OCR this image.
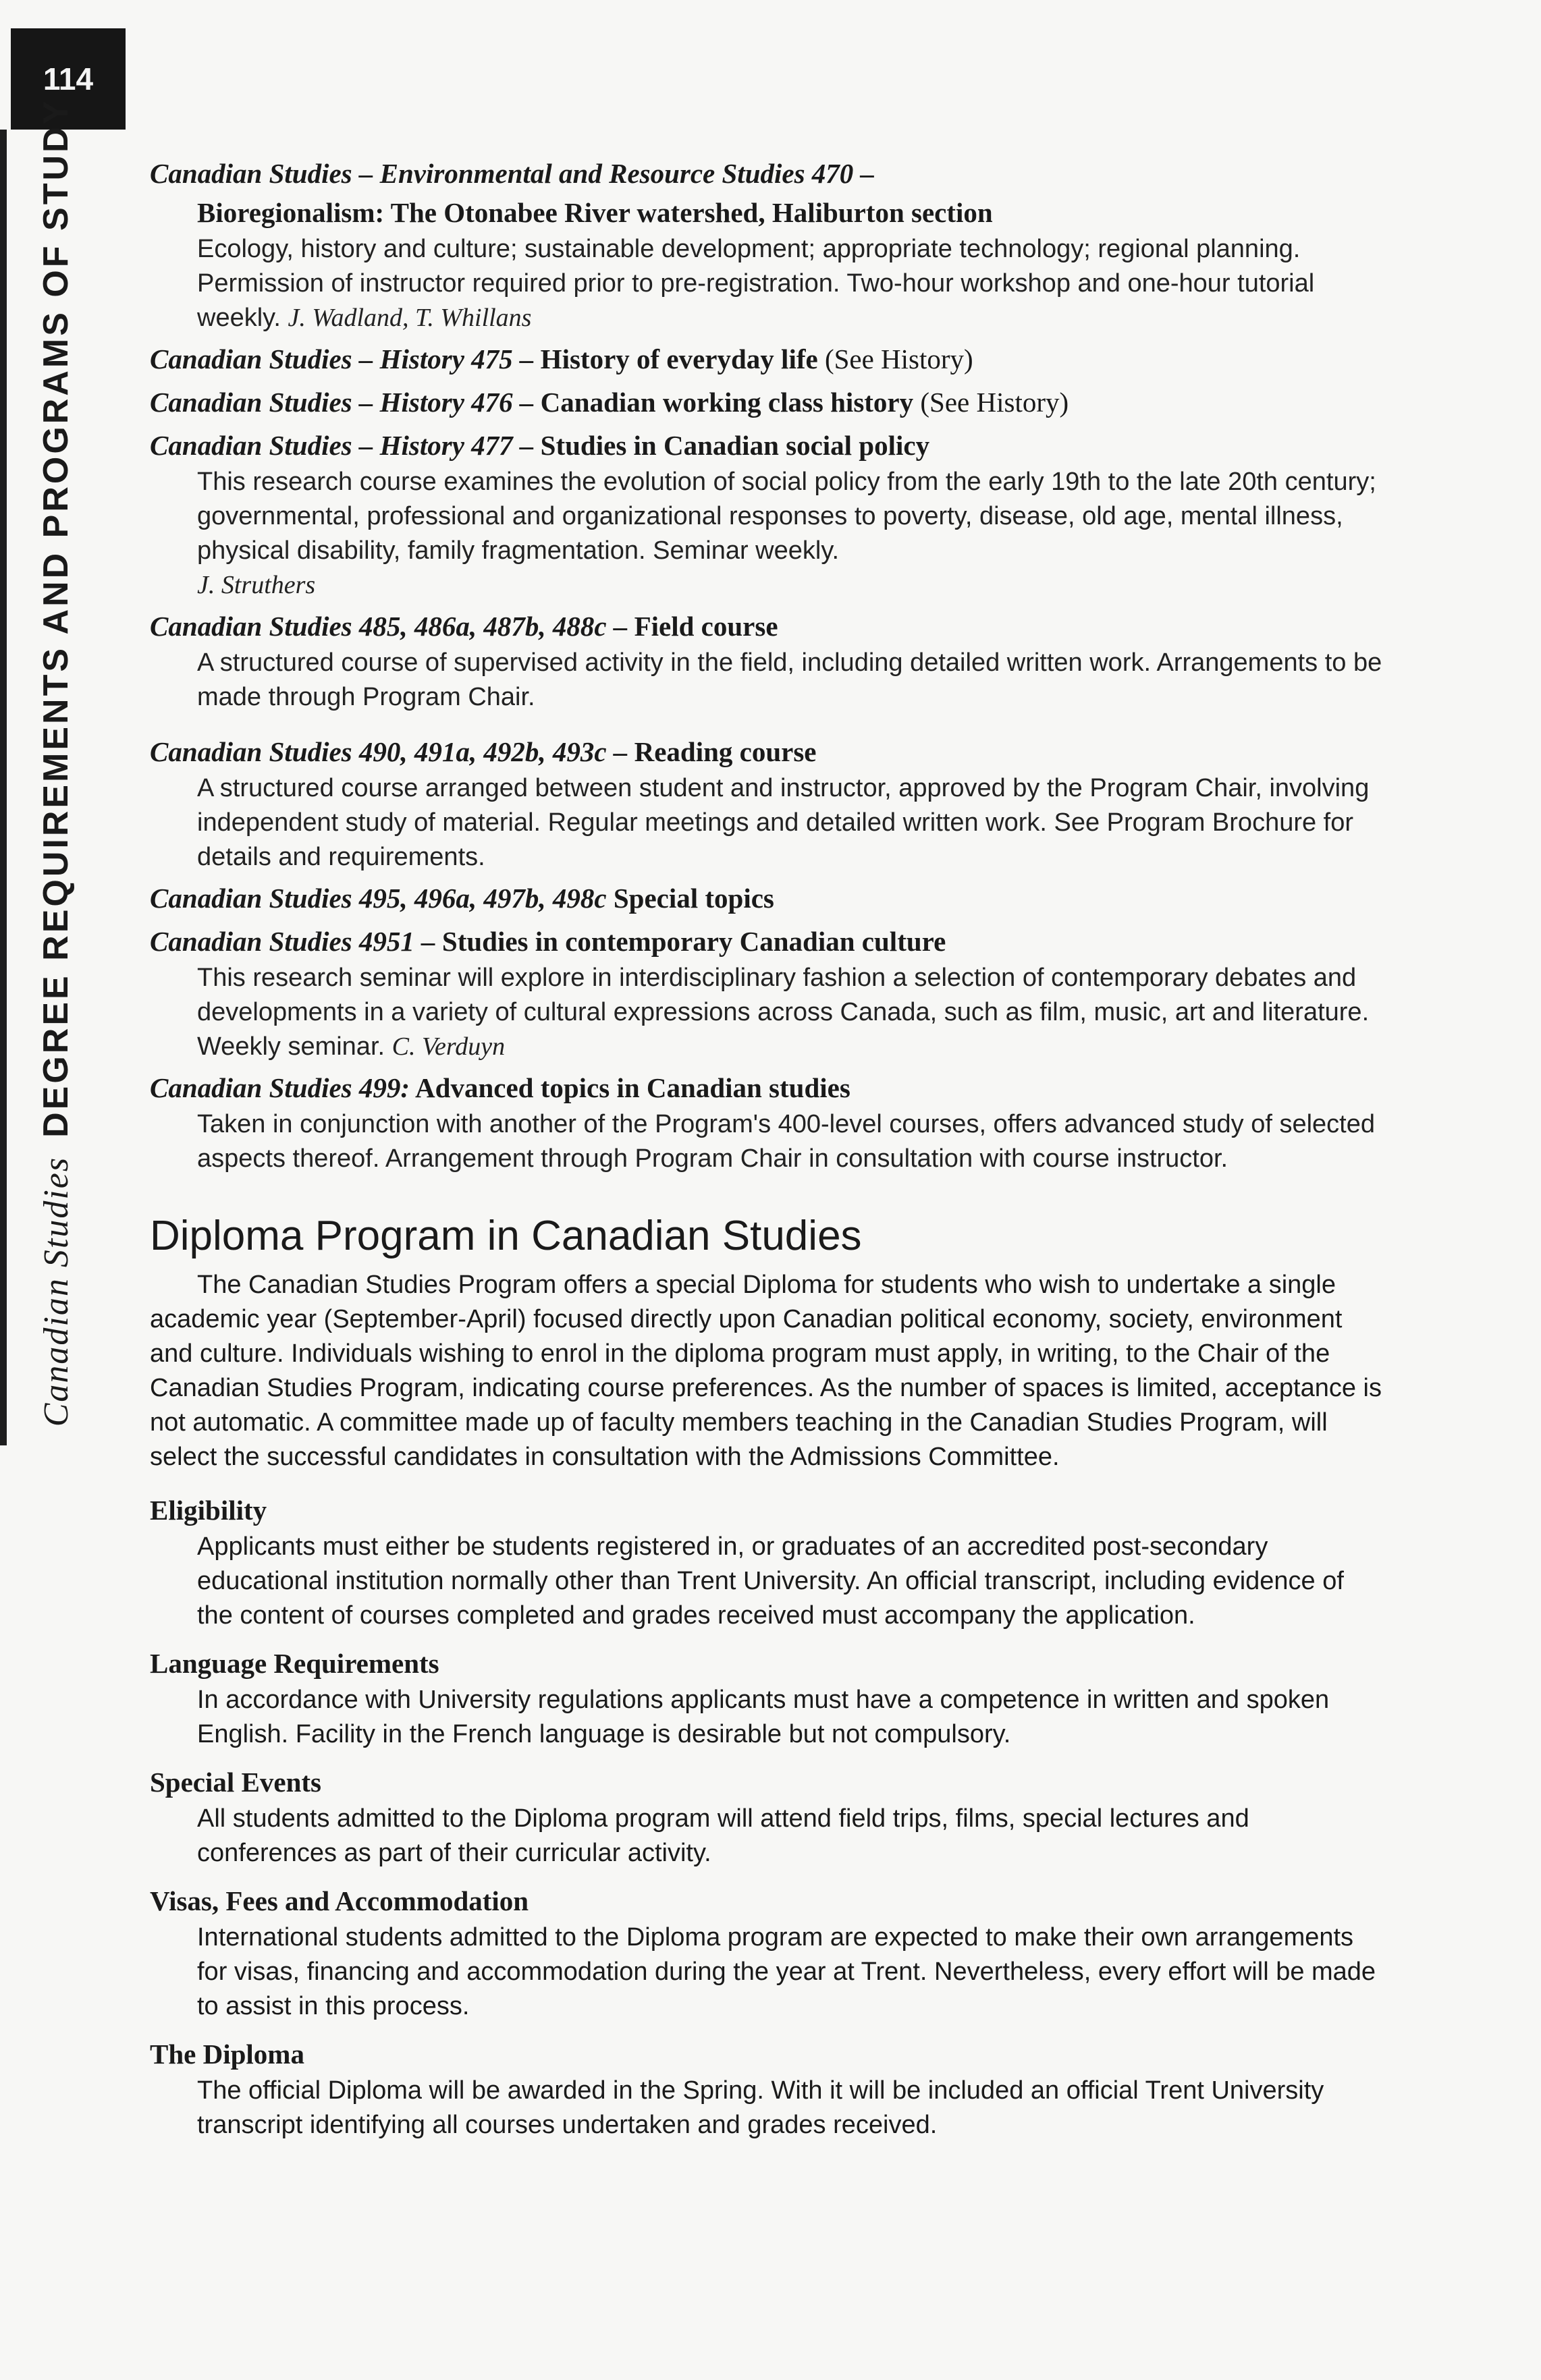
114
Canadian StudiesDEGREE REQUIREMENTS AND PROGRAMS OF STUDY	Canadian Studies – Environmental and Resource Studies 470 –
Bioregionalism: The Otonabee River watershed, Haliburton section
Ecology, history and culture; sustainable development; appropriate technology; regional planning. Permission of instructor required prior to pre-registration. Two-hour workshop and one-hour tutorial weekly. J. Wadland, T. Whillans
Canadian Studies – History 475 – History of everyday life (See History)
Canadian Studies – History 476 – Canadian working class history (See History)
Canadian Studies – History 477 – Studies in Canadian social policy
This research course examines the evolution of social policy from the early 19th to the late 20th century; governmental, professional and organizational responses to poverty, disease, old age, mental illness, physical disability, family fragmentation. Seminar weekly.
J. Struthers
Canadian Studies 485, 486a, 487b, 488c – Field course
A structured course of supervised activity in the field, including detailed written work. Arrangements to be made through Program Chair.
Canadian Studies 490, 491a, 492b, 493c – Reading course
A structured course arranged between student and instructor, approved by the Program Chair, involving independent study of material. Regular meetings and detailed written work. See Program Brochure for details and requirements.
Canadian Studies 495, 496a, 497b, 498c Special topics
Canadian Studies 4951 – Studies in contemporary Canadian culture
This research seminar will explore in interdisciplinary fashion a selection of contemporary debates and developments in a variety of cultural expressions across Canada, such as film, music, art and literature. Weekly seminar. C. Verduyn
Canadian Studies 499: Advanced topics in Canadian studies
Taken in conjunction with another of the Program's 400-level courses, offers advanced study of selected aspects thereof. Arrangement through Program Chair in consultation with course instructor.
Diploma Program in Canadian Studies

The Canadian Studies Program offers a special Diploma for students who wish to undertake a single academic year (September-April) focused directly upon Canadian political economy, society, environment and culture. Individuals wishing to enrol in the diploma program must apply, in writing, to the Chair of the Canadian Studies Program, indicating course preferences. As the number of spaces is limited, acceptance is not automatic. A committee made up of faculty members teaching in the Canadian Studies Program, will select the successful candidates in consultation with the Admissions Committee.

Eligibility
Applicants must either be students registered in, or graduates of an accredited post-secondary educational institution normally other than Trent University. An official transcript, including evidence of the content of courses completed and grades received must accompany the application.
Language Requirements
In accordance with University regulations applicants must have a competence in written and spoken English. Facility in the French language is desirable but not compulsory.
Special Events
All students admitted to the Diploma program will attend field trips, films, special lectures and conferences as part of their curricular activity.
Visas, Fees and Accommodation
International students admitted to the Diploma program are expected to make their own arrangements for visas, financing and accommodation during the year at Trent. Nevertheless, every effort will be made to assist in this process.
The Diploma
The official Diploma will be awarded in the Spring. With it will be included an official Trent University transcript identifying all courses undertaken and grades received.
